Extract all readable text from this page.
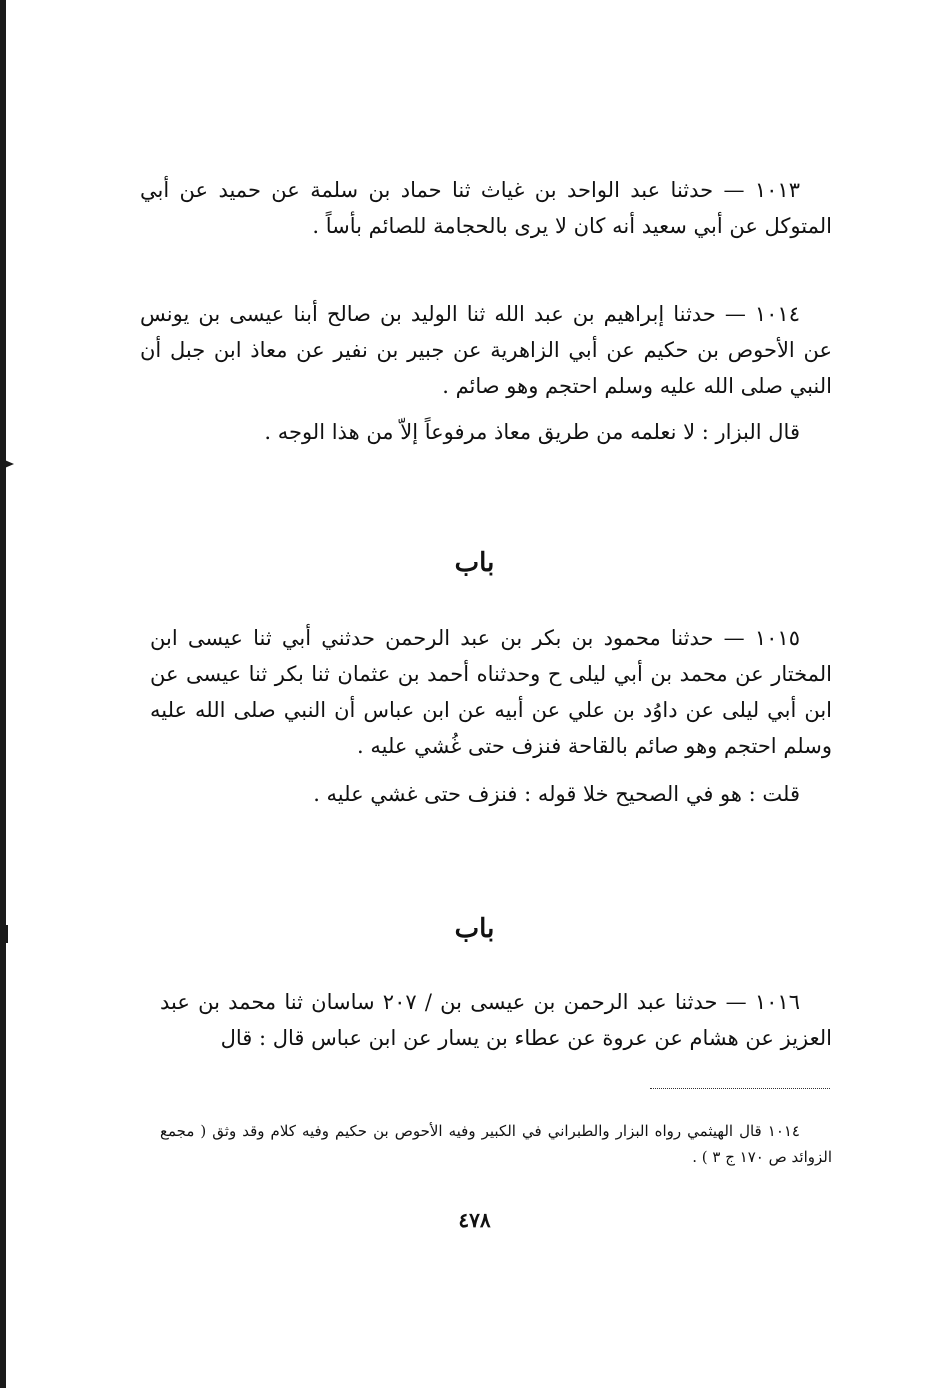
١٠١٣ — حدثنا عبد الواحد بن غياث ثنا حماد بن سلمة عن حميد عن أبي المتوكل عن أبي سعيد أنه كان لا يرى بالحجامة للصائم بأساً .

١٠١٤ — حدثنا إبراهيم بن عبد الله ثنا الوليد بن صالح أبنا عيسى بن يونس عن الأحوص بن حكيم عن أبي الزاهرية عن جبير بن نفير عن معاذ ابن جبل أن النبي صلى الله عليه وسلم احتجم وهو صائم .

قال البزار : لا نعلمه من طريق معاذ مرفوعاً إلاّ من هذا الوجه .

باب

١٠١٥ — حدثنا محمود بن بكر بن عبد الرحمن حدثني أبي ثنا عيسى ابن المختار عن محمد بن أبي ليلى ح وحدثناه أحمد بن عثمان ثنا بكر ثنا عيسى عن ابن أبي ليلى عن داوُد بن علي عن أبيه عن ابن عباس أن النبي صلى الله عليه وسلم احتجم وهو صائم بالقاحة فنزف حتى غُشي عليه .

قلت : هو في الصحيح خلا قوله : فنزف حتى غشي عليه .

باب

١٠١٦ — حدثنا عبد الرحمن بن عيسى بن / ٢٠٧ ساسان ثنا محمد بن عبد العزيز عن هشام عن عروة عن عطاء بن يسار عن ابن عباس قال : قال

١٠١٤ قال الهيثمي رواه البزار والطبراني في الكبير وفيه الأحوص بن حكيم وفيه كلام وقد وثق ( مجمع الزوائد ص ١٧٠ ج ٣ ) .

٤٧٨
